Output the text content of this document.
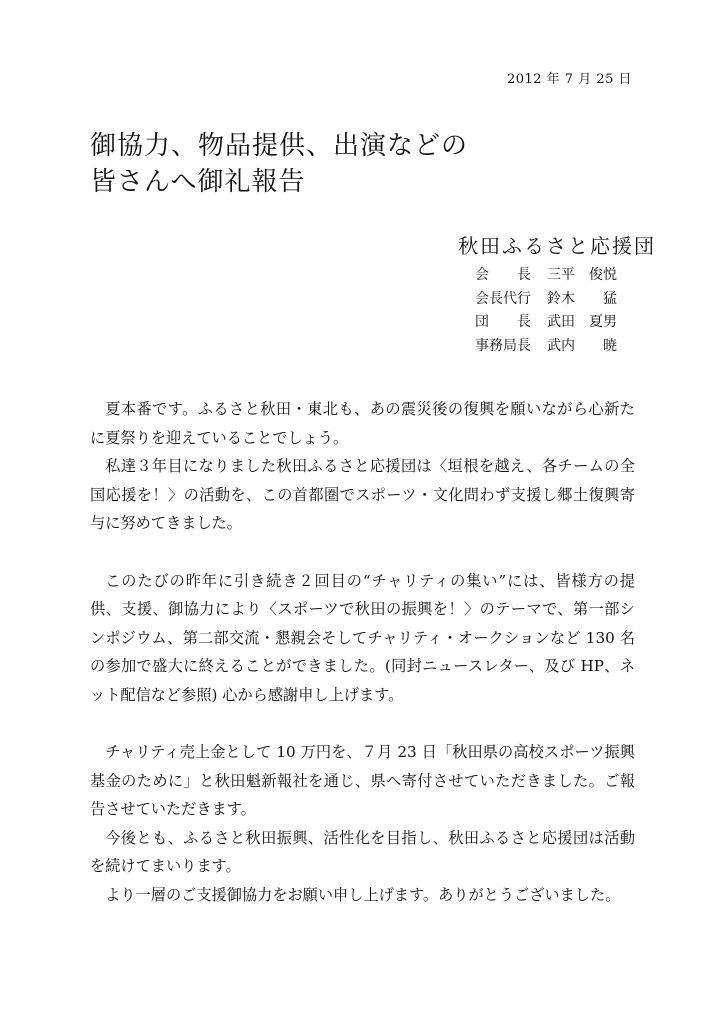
2012 年 7 月 25 日
御協力、物品提供、出演などの
皆さんへ御礼報告
秋田ふるさと応援団
会　　長	三平　俊悦
会長代行	鈴木　　猛
団　　長	武田　夏男
事務局長	武内　　暁

夏本番です。ふるさと秋田・東北も、あの震災後の復興を願いながら心新たに夏祭りを迎えていることでしょう。

私達３年目になりました秋田ふるさと応援団は〈垣根を越え、各チームの全国応援を！〉の活動を、この首都圏でスポーツ・文化問わず支援し郷土復興寄与に努めてきました。

このたびの昨年に引き続き２回目の“チャリティの集い”には、皆様方の提供、支援、御協力により〈スポーツで秋田の振興を！〉のテーマで、第一部シンポジウム、第二部交流・懇親会そしてチャリティ・オークションなど 130 名の参加で盛大に終えることができました。(同封ニュースレター、及び HP、ネット配信など参照) 心から感謝申し上げます。

チャリティ売上金として 10 万円を、７月 23 日「秋田県の高校スポーツ振興基金のために」と秋田魁新報社を通じ、県へ寄付させていただきました。ご報告させていただきます。

今後とも、ふるさと秋田振興、活性化を目指し、秋田ふるさと応援団は活動を続けてまいります。

より一層のご支援御協力をお願い申し上げます。ありがとうございました。
